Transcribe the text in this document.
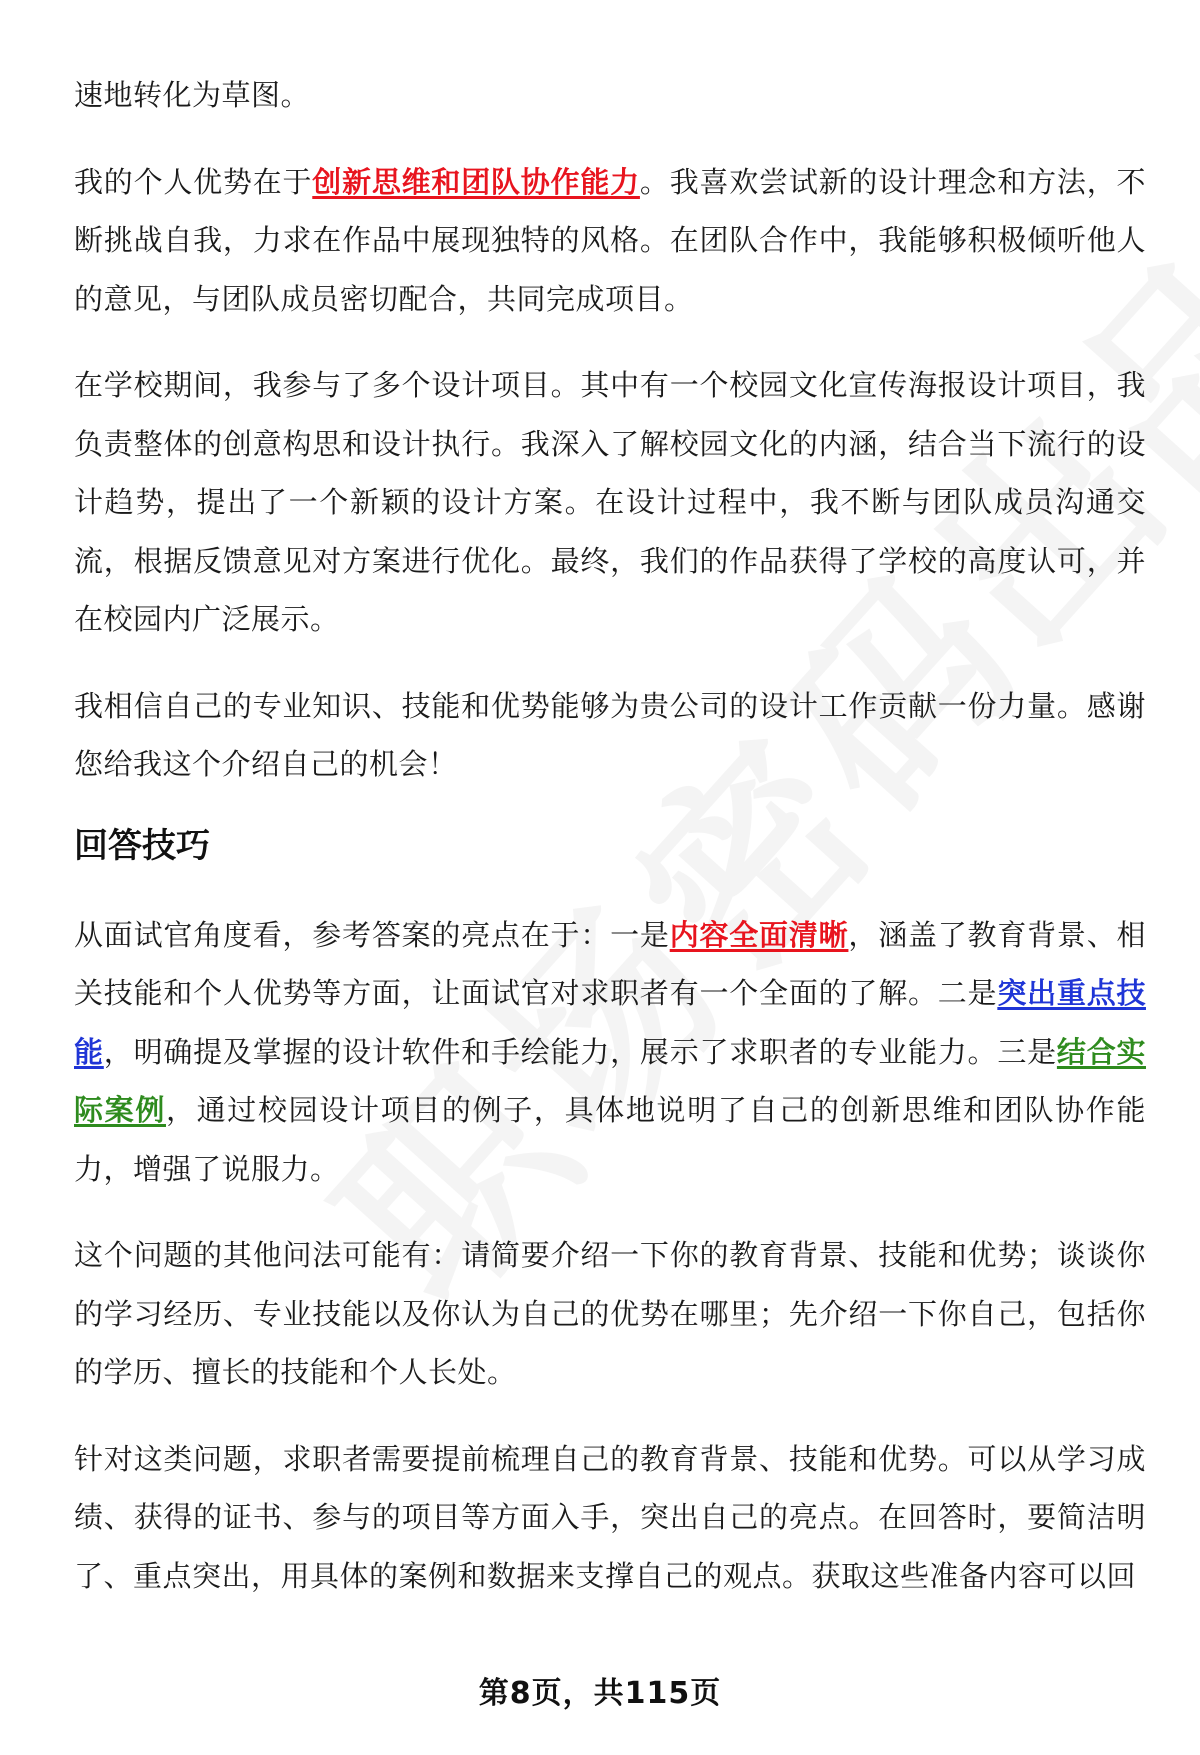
速地转化为草图。

我的个人优势在于创新思维和团队协作能力。我喜欢尝试新的设计理念和方法，不断挑战自我，力求在作品中展现独特的风格。在团队合作中，我能够积极倾听他人的意见，与团队成员密切配合，共同完成项目。

在学校期间，我参与了多个设计项目。其中有一个校园文化宣传海报设计项目，我负责整体的创意构思和设计执行。我深入了解校园文化的内涵，结合当下流行的设计趋势，提出了一个新颖的设计方案。在设计过程中，我不断与团队成员沟通交流，根据反馈意见对方案进行优化。最终，我们的作品获得了学校的高度认可，并在校园内广泛展示。

我相信自己的专业知识、技能和优势能够为贵公司的设计工作贡献一份力量。感谢您给我这个介绍自己的机会！

回答技巧

从面试官角度看，参考答案的亮点在于：一是内容全面清晰，涵盖了教育背景、相关技能和个人优势等方面，让面试官对求职者有一个全面的了解。二是突出重点技能，明确提及掌握的设计软件和手绘能力，展示了求职者的专业能力。三是结合实际案例，通过校园设计项目的例子，具体地说明了自己的创新思维和团队协作能力，增强了说服力。

这个问题的其他问法可能有：请简要介绍一下你的教育背景、技能和优势；谈谈你的学习经历、专业技能以及你认为自己的优势在哪里；先介绍一下你自己，包括你的学历、擅长的技能和个人长处。

针对这类问题，求职者需要提前梳理自己的教育背景、技能和优势。可以从学习成绩、获得的证书、参与的项目等方面入手，突出自己的亮点。在回答时，要简洁明了、重点突出，用具体的案例和数据来支撑自己的观点。获取这些准备内容可以回

第8页，共115页
